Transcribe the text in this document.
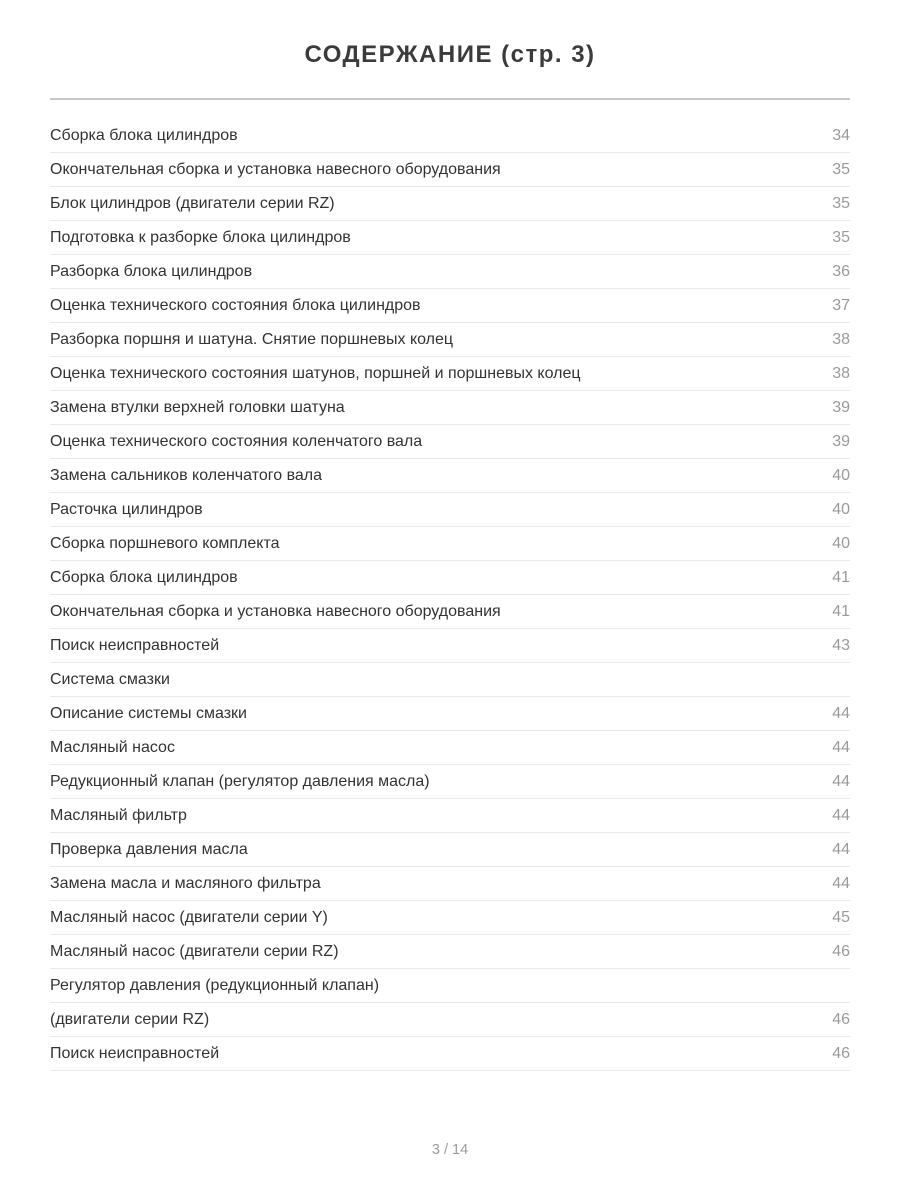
СОДЕРЖАНИЕ (стр. 3)
Сборка блока цилиндров	34
Окончательная сборка и установка навесного оборудования	35
Блок цилиндров (двигатели серии RZ)	35
Подготовка к разборке блока цилиндров	35
Разборка блока цилиндров	36
Оценка технического состояния блока цилиндров	37
Разборка поршня и шатуна. Снятие поршневых колец	38
Оценка технического состояния шатунов, поршней и поршневых колец	38
Замена втулки верхней головки шатуна	39
Оценка технического состояния коленчатого вала	39
Замена сальников коленчатого вала	40
Расточка цилиндров	40
Сборка поршневого комплекта	40
Сборка блока цилиндров	41
Окончательная сборка и установка навесного оборудования	41
Поиск неисправностей	43
Система смазки
Описание системы смазки	44
Масляный насос	44
Редукционный клапан (регулятор давления масла)	44
Масляный фильтр	44
Проверка давления масла	44
Замена масла и масляного фильтра	44
Масляный насос (двигатели серии Y)	45
Масляный насос (двигатели серии RZ)	46
Регулятор давления (редукционный клапан)
(двигатели серии RZ)	46
Поиск неисправностей	46
3 / 14
